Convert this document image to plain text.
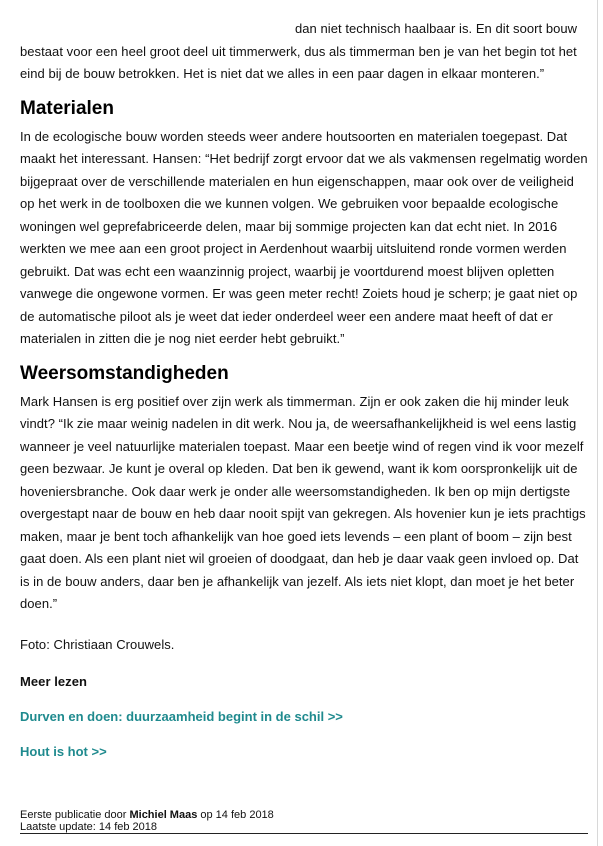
dan niet technisch haalbaar is. En dit soort bouw bestaat voor een heel groot deel uit timmerwerk, dus als timmerman ben je van het begin tot het eind bij de bouw betrokken. Het is niet dat we alles in een paar dagen in elkaar monteren.”

Materialen

In de ecologische bouw worden steeds weer andere houtsoorten en materialen toegepast. Dat maakt het interessant. Hansen: “Het bedrijf zorgt ervoor dat we als vakmensen regelmatig worden bijgepraat over de verschillende materialen en hun eigenschappen, maar ook over de veiligheid op het werk in de toolboxen die we kunnen volgen. We gebruiken voor bepaalde ecologische woningen wel geprefabriceerde delen, maar bij sommige projecten kan dat echt niet. In 2016 werkten we mee aan een groot project in Aerdenhout waarbij uitsluitend ronde vormen werden gebruikt. Dat was echt een waanzinnig project, waarbij je voortdurend moest blijven opletten vanwege die ongewone vormen. Er was geen meter recht! Zoiets houd je scherp; je gaat niet op de automatische piloot als je weet dat ieder onderdeel weer een andere maat heeft of dat er materialen in zitten die je nog niet eerder hebt gebruikt.”

Weersomstandigheden

Mark Hansen is erg positief over zijn werk als timmerman. Zijn er ook zaken die hij minder leuk vindt? “Ik zie maar weinig nadelen in dit werk. Nou ja, de weersafhankelijkheid is wel eens lastig wanneer je veel natuurlijke materialen toepast. Maar een beetje wind of regen vind ik voor mezelf geen bezwaar. Je kunt je overal op kleden. Dat ben ik gewend, want ik kom oorspronkelijk uit de hoveniersbranche. Ook daar werk je onder alle weersomstandigheden. Ik ben op mijn dertigste overgestapt naar de bouw en heb daar nooit spijt van gekregen. Als hovenier kun je iets prachtigs maken, maar je bent toch afhankelijk van hoe goed iets levends – een plant of boom – zijn best gaat doen. Als een plant niet wil groeien of doodgaat, dan heb je daar vaak geen invloed op. Dat is in de bouw anders, daar ben je afhankelijk van jezelf. Als iets niet klopt, dan moet je het beter doen.”

Foto: Christiaan Crouwels.

Meer lezen

Durven en doen: duurzaamheid begint in de schil >>
Hout is hot >>
Eerste publicatie door Michiel Maas op 14 feb 2018
Laatste update: 14 feb 2018
